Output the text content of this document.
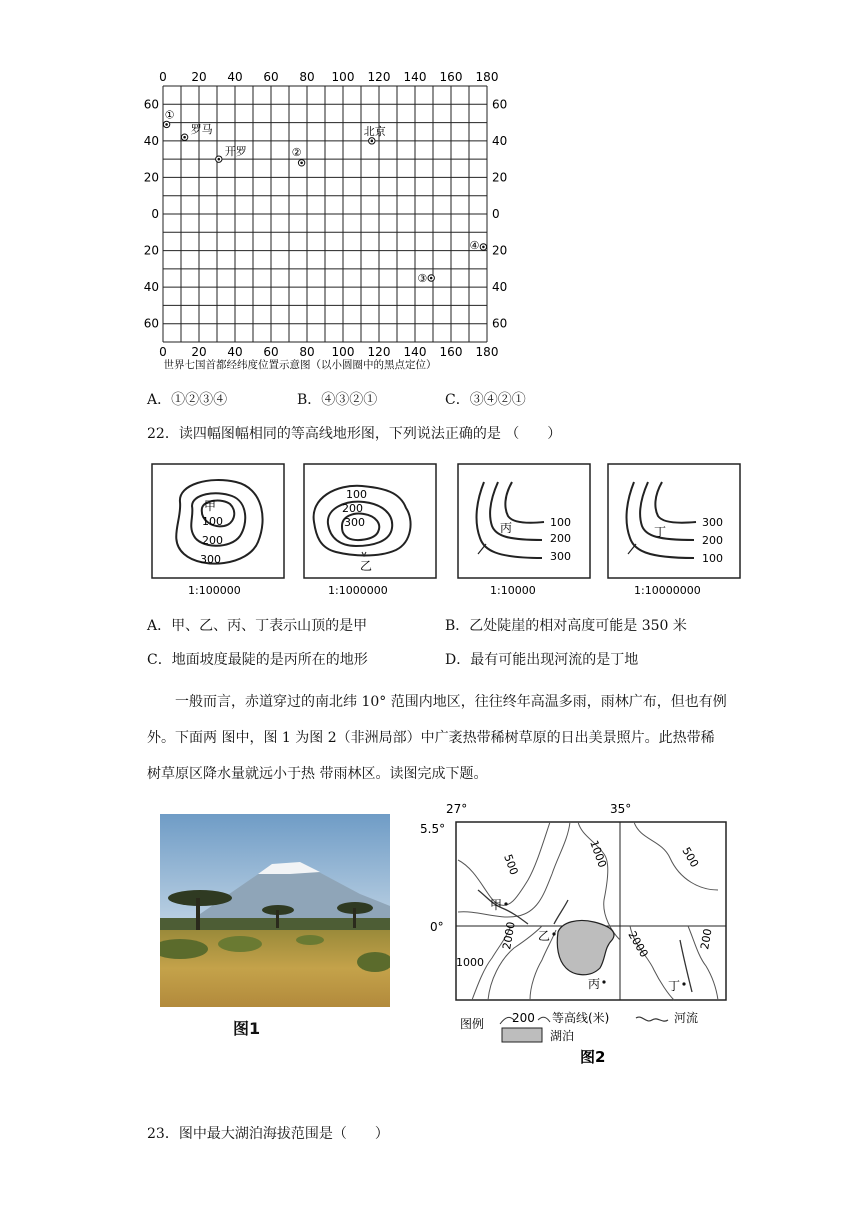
0 20 40 60 80 100 120 140 160 180
0 20 40 60 80 100 120 140 160 180
60
40
20
0
20
40
60
60
40
20
0
20
40
60
①
罗马
开罗	②
北京
④
③
世界七国首都经纬度位置示意图（以小圆圈中的黑点定位）
A．①②③④	B．④③②①	C．③④②①
22．读四幅图幅相同的等高线地形图，下列说法正确的是 （　　）
甲
100
200
300
1:100000
100
200
300
乙
1:1000000
丙	100
200
300
1:10000
丁
300
200
100
1:10000000
A．甲、乙、丙、丁表示山顶的是甲	B．乙处陡崖的相对高度可能是 350 米
C．地面坡度最陡的是丙所在的地形	D．最有可能出现河流的是丁地
一般而言，赤道穿过的南北纬 10° 范围内地区，往往终年高温多雨，雨林广布，但也有例外。下面两 图中，图 1 为图 2（非洲局部）中广袤热带稀树草原的日出美景照片。此热带稀树草原区降水量就远小于热 带雨林区。读图完成下题。
图1
27°	35°
5.5°
0°
500	1000	500
2000	200
1000
2000
甲
乙
丙	丁
图例 200 等高线(米)	河流
湖泊
图2
23．图中最大湖泊海拔范围是（　　）
